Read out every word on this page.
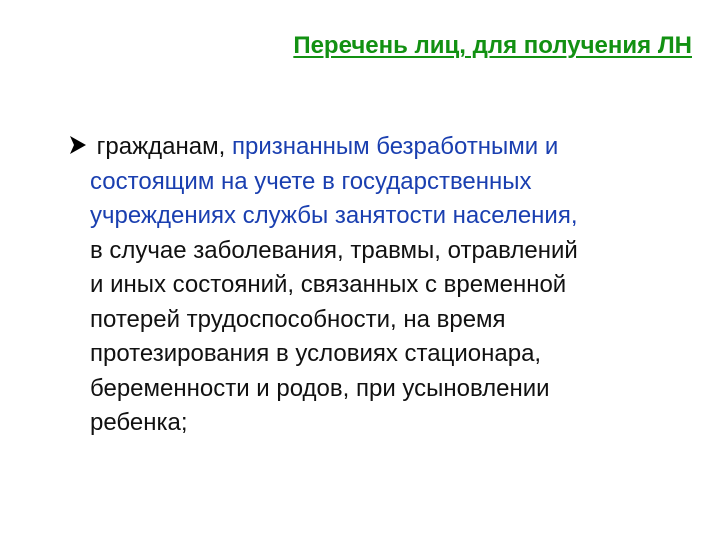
Перечень лиц, для получения ЛН
гражданам, признанным безработными и
состоящим на учете в государственных
учреждениях службы занятости населения,
в случае заболевания, травмы, отравлений
и иных состояний, связанных с временной
потерей трудоспособности, на время
протезирования в условиях стационара,
беременности и родов, при усыновлении
ребенка;
